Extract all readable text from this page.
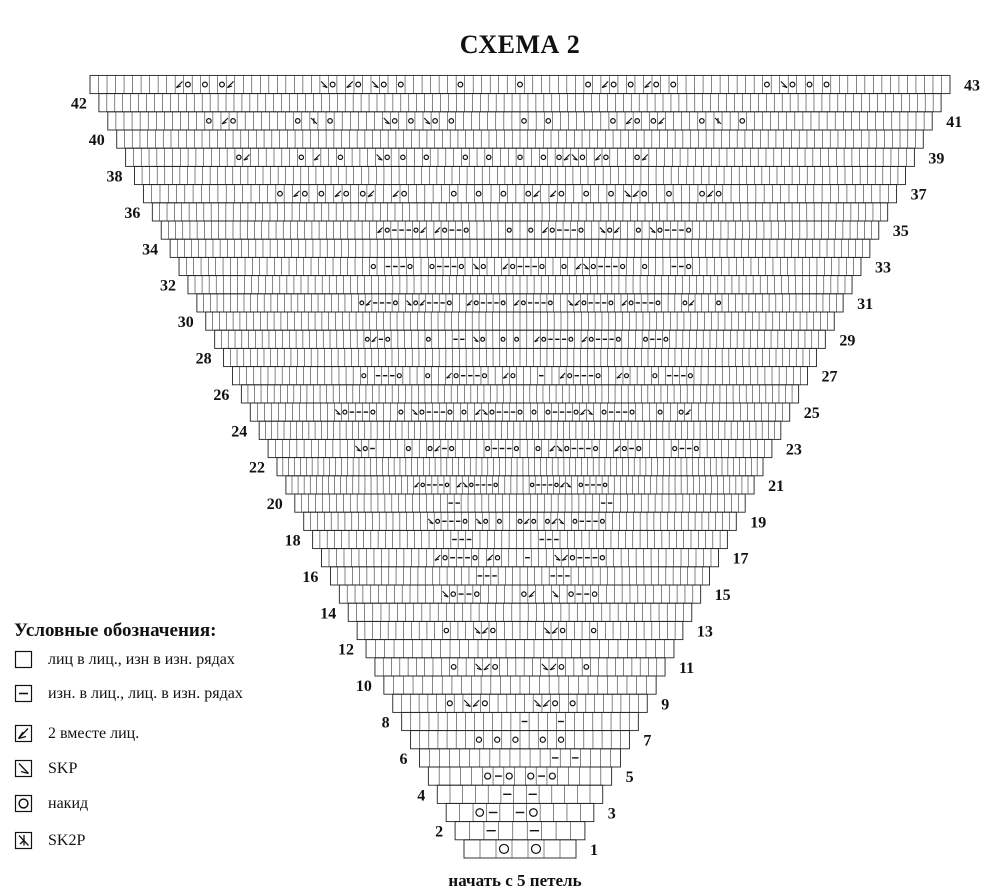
СХЕМА 2
1
2
3
4
5
6
7
8
9
10
11
12
13
14
15
16
17
18
19
20
21
22
23
24
25
26
27
28
29
30
31
32
33
34
35
36
37
38
39
40
41
42
43
начать с 5 петель
Условные обозначения:
лиц в лиц., изн в изн. рядах
изн. в лиц., лиц. в изн. рядах
2 вместе лиц.
SKP
накид
SK2P
